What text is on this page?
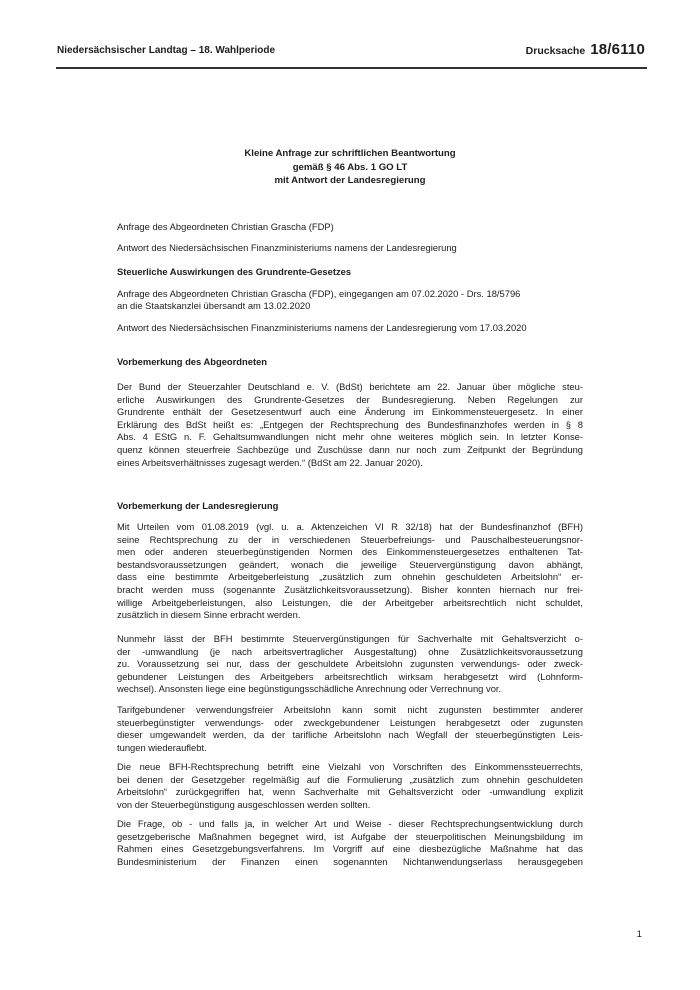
Niedersächsischer Landtag – 18. Wahlperiode	Drucksache 18/6110
Kleine Anfrage zur schriftlichen Beantwortung
gemäß § 46 Abs. 1 GO LT
mit Antwort der Landesregierung
Anfrage des Abgeordneten Christian Grascha (FDP)
Antwort des Niedersächsischen Finanzministeriums namens der Landesregierung
Steuerliche Auswirkungen des Grundrente-Gesetzes
Anfrage des Abgeordneten Christian Grascha (FDP), eingegangen am 07.02.2020 - Drs. 18/5796
an die Staatskanzlei übersandt am 13.02.2020
Antwort des Niedersächsischen Finanzministeriums namens der Landesregierung vom 17.03.2020
Vorbemerkung des Abgeordneten
Der Bund der Steuerzahler Deutschland e. V. (BdSt) berichtete am 22. Januar über mögliche steu-
erliche Auswirkungen des Grundrente-Gesetzes der Bundesregierung. Neben Regelungen zur
Grundrente enthält der Gesetzesentwurf auch eine Änderung im Einkommensteuergesetz. In einer
Erklärung des BdSt heißt es: „Entgegen der Rechtsprechung des Bundesfinanzhofes werden in § 8
Abs. 4 EStG n. F. Gehaltsumwandlungen nicht mehr ohne weiteres möglich sein. In letzter Konse-
quenz können steuerfreie Sachbezüge und Zuschüsse dann nur noch zum Zeitpunkt der Begründung
eines Arbeitsverhältnisses zugesagt werden.“ (BdSt am 22. Januar 2020).
Vorbemerkung der Landesregierung
Mit Urteilen vom 01.08.2019 (vgl. u. a. Aktenzeichen VI R 32/18) hat der Bundesfinanzhof (BFH)
seine Rechtsprechung zu der in verschiedenen Steuerbefreiungs- und Pauschalbesteuerungsnor-
men oder anderen steuerbegünstigenden Normen des Einkommensteuergesetzes enthaltenen Tat-
bestandsvoraussetzungen geändert, wonach die jeweilige Steuervergünstigung davon abhängt,
dass eine bestimmte Arbeitgeberleistung „zusätzlich zum ohnehin geschuldeten Arbeitslohn“ er-
bracht werden muss (sogenannte Zusätzlichkeitsvoraussetzung). Bisher konnten hiernach nur frei-
willige Arbeitgeberleistungen, also Leistungen, die der Arbeitgeber arbeitsrechtlich nicht schuldet,
zusätzlich in diesem Sinne erbracht werden.
Nunmehr lässt der BFH bestimmte Steuervergünstigungen für Sachverhalte mit Gehaltsverzicht o-
der -umwandlung (je nach arbeitsvertraglicher Ausgestaltung) ohne Zusätzlichkeitsvoraussetzung
zu. Voraussetzung sei nur, dass der geschuldete Arbeitslohn zugunsten verwendungs- oder zweck-
gebundener Leistungen des Arbeitgebers arbeitsrechtlich wirksam herabgesetzt wird (Lohnform-
wechsel). Ansonsten liege eine begünstigungsschädliche Anrechnung oder Verrechnung vor.
Tarifgebundener verwendungsfreier Arbeitslohn kann somit nicht zugunsten bestimmter anderer
steuerbegünstigter verwendungs- oder zweckgebundener Leistungen herabgesetzt oder zugunsten
dieser umgewandelt werden, da der tarifliche Arbeitslohn nach Wegfall der steuerbegünstigten Leis-
tungen wiederauflebt.
Die neue BFH-Rechtsprechung betrifft eine Vielzahl von Vorschriften des Einkommenssteuerrechts,
bei denen der Gesetzgeber regelmäßig auf die Formulierung „zusätzlich zum ohnehin geschuldeten
Arbeitslohn“ zurückgegriffen hat, wenn Sachverhalte mit Gehaltsverzicht oder -umwandlung explizit
von der Steuerbegünstigung ausgeschlossen werden sollten.
Die Frage, ob - und falls ja, in welcher Art und Weise - dieser Rechtsprechungsentwicklung durch
gesetzgeberische Maßnahmen begegnet wird, ist Aufgabe der steuerpolitischen Meinungsbildung im
Rahmen eines Gesetzgebungsverfahrens. Im Vorgriff auf eine diesbezügliche Maßnahme hat das
Bundesministerium der Finanzen einen sogenannten Nichtanwendungserlass herausgegeben
1
